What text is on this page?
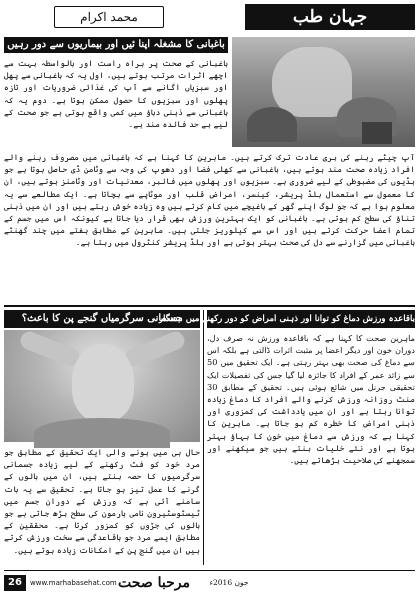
جہان طب
محمد اکرام
باغبانی کا مشغلہ اپنا ئیں اور بیماریوں سے دور رہیں
باغبانی کے صحت پر براہ راست اور بالواسطہ بہت سے اچھے اثرات مرتب ہوتے ہیں، اول یہ کہ باغبانی سے پھل اور سبزیاں اگانے سے آپ کی غذائی ضروریات اور تازہ پھلوں اور سبزیوں کا حصول ممکن ہوتا ہے۔ دوم یہ کہ باغبانی سے ذہنی دباؤ میں کمی واقع ہوتی ہے جو صحت کے لیے بے حد فائدہ مند ہے۔
آپ چیٹے رہنے کی بری عادت ترک کرتے ہیں۔ ماہرین کا کہنا ہے کہ باغبانی میں مصروف رہنے والے افراد زیادہ صحت مند ہوتے ہیں، باغبانی سے کھلی فضا اور دھوپ کی وجہ سے وٹامن ڈی حاصل ہوتا ہے جو ہڈیوں کی مضبوطی کے لیے ضروری ہے۔ سبزیوں اور پھلوں میں فائبر، معدنیات اور وٹامنز ہوتے ہیں، ان کا معمول سے استعمال بلڈ پریشر، کینسر، امراض قلب اور موٹاپے سے بچاتا ہے۔ ایک مطالعے سے یہ معلوم ہوا ہے کہ جو لوگ اپنے گھر کے باغیچے میں کام کرتے ہیں وہ زیادہ خوش رہتے ہیں اور ان میں ذہنی تناؤ کی سطح کم ہوتی ہے۔ باغبانی کو ایک بہترین ورزش بھی قرار دیا جاتا ہے کیونکہ اس میں جسم کے تمام اعضا حرکت کرتے ہیں اور اس سے کیلوریز جلتی ہیں۔ ماہرین کے مطابق ہفتے میں چند گھنٹے باغبانی میں گزارنے سے دل کی صحت بہتر ہوتی ہے اور بلڈ پریشر کنٹرول میں رہتا ہے۔
جسمانی سرگرمیاں گنجے پن کا باعث؟
حال ہی میں ہونے والی ایک تحقیق کے مطابق جو مرد خود کو فٹ رکھنے کے لیے زیادہ جسمانی سرگرمیوں کا حصہ بنتے ہیں، ان میں بالوں کے گرنے کا عمل تیز ہو جاتا ہے۔ تحقیق سے یہ بات سامنے آئی ہے کہ ورزش کے دوران جسم میں ٹیسٹوسٹیرون نامی ہارمون کی سطح بڑھ جاتی ہے جو بالوں کی جڑوں کو کمزور کرتا ہے۔ محققین کے مطابق ایسے مرد جو باقاعدگی سے سخت ورزش کرتے ہیں ان میں گنج پن کے امکانات زیادہ ہوتے ہیں۔
باقاعدہ ورزش دماغ کو توانا اور ذہنی امراض کو دور رکھنے میں مددگار
ماہرین صحت کا کہنا ہے کہ باقاعدہ ورزش نہ صرف دل، دوران خون اور دیگر اعضا پر مثبت اثرات ڈالتی ہے بلکہ اس سے دماغ کی صحت بھی بہتر رہتی ہے۔ ایک تحقیق میں 50 سے زائد عمر کے افراد کا جائزہ لیا گیا جس کی تفصیلات ایک تحقیقی جرنل میں شائع ہوئی ہیں۔ تحقیق کے مطابق 30 منٹ روزانہ ورزش کرنے والے افراد کا دماغ زیادہ توانا رہتا ہے اور ان میں یادداشت کی کمزوری اور ذہنی امراض کا خطرہ کم ہو جاتا ہے۔ ماہرین کا کہنا ہے کہ ورزش سے دماغ میں خون کا بہاؤ بہتر ہوتا ہے اور نئے خلیات بنتے ہیں جو سیکھنے اور سمجھنے کی صلاحیت بڑھاتے ہیں۔
26	www.marhabasehat.com مرحبا صحت	جون 2016ء
